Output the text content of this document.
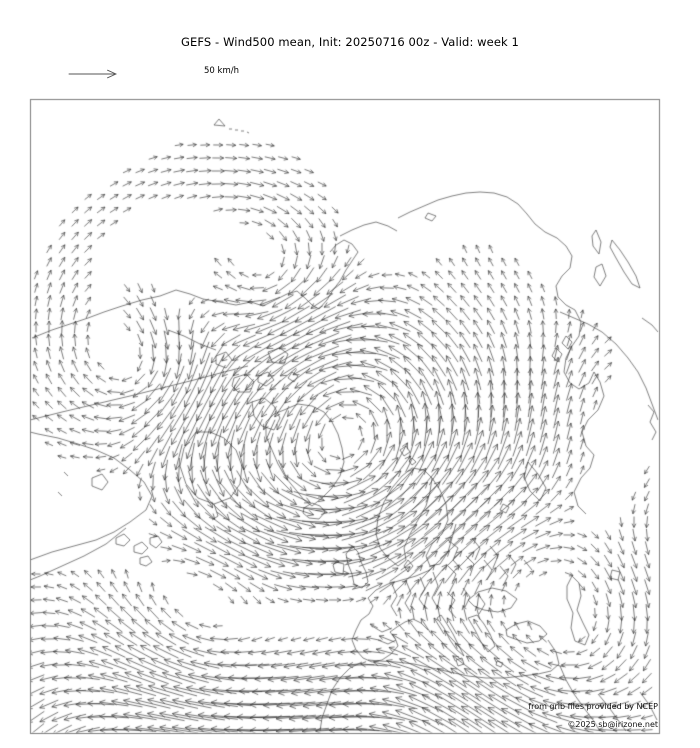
GEFS - Wind500 mean, Init: 20250716 00z - Valid: week 1
50 km/h
from grib files provided by NCEP
©2025 sb@irizone.net
